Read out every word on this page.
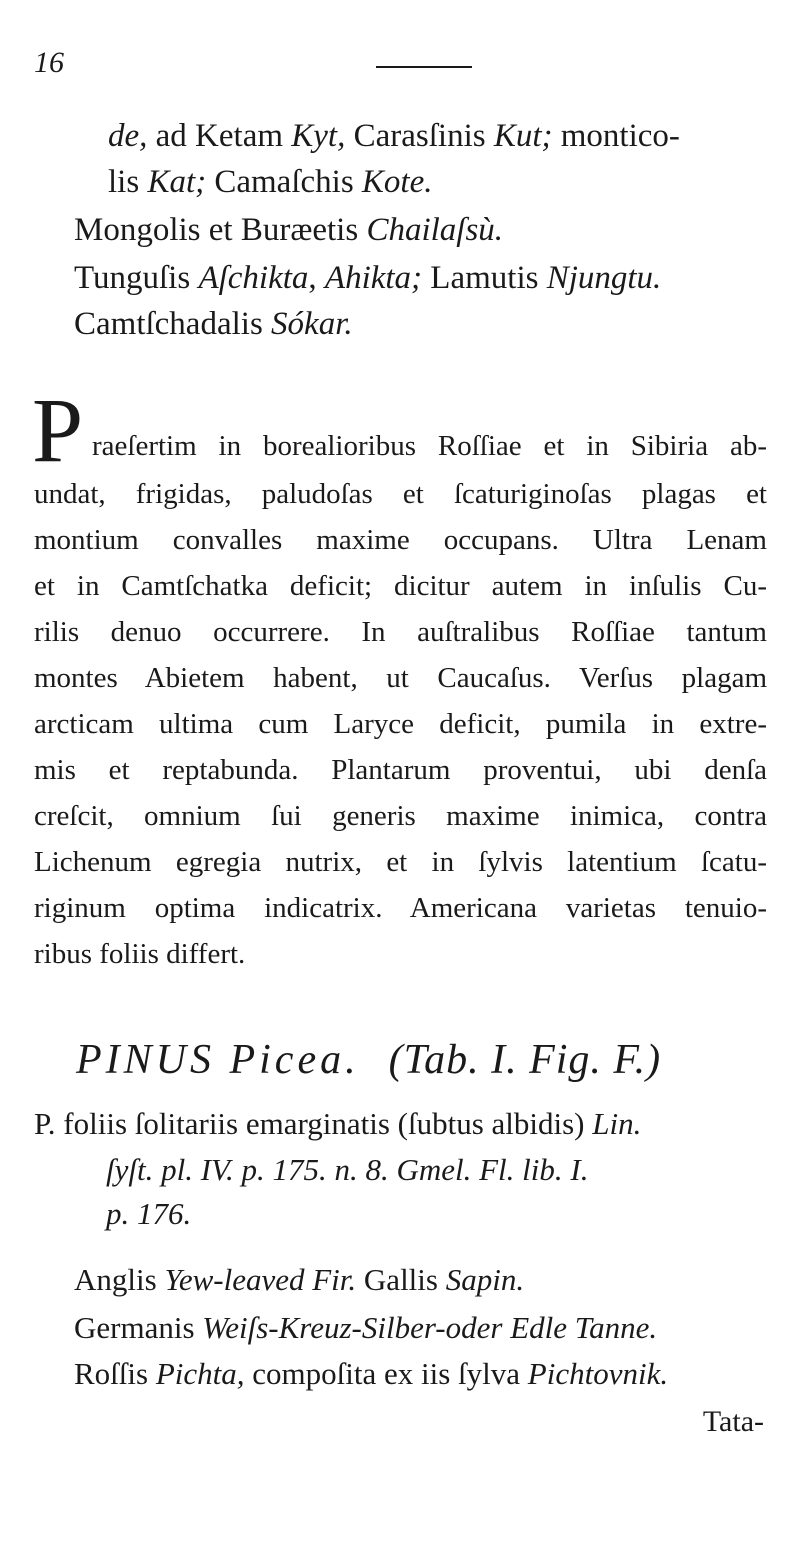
16
de, ad Ketam Kyt, Carasſinis Kut; montico-
lis Kat; Camaſchis Kote.
Mongolis et Buræetis Chailaſsù.
Tunguſis Aſchikta, Ahikta; Lamutis Njungtu.
Camtſchadalis Sókar.
P raeſertim in borealioribus Roſſiae et in Sibiria ab-
undat, frigidas, paludoſas et ſcaturiginoſas plagas et
montium convalles maxime occupans. Ultra Lenam
et in Camtſchatka deficit; dicitur autem in inſulis Cu-
rilis denuo occurrere. In auſtralibus Roſſiae tantum
montes Abietem habent, ut Caucaſus. Verſus plagam
arcticam ultima cum Laryce deficit, pumila in extre-
mis et reptabunda. Plantarum proventui, ubi denſa
creſcit, omnium ſui generis maxime inimica, contra
Lichenum egregia nutrix, et in ſylvis latentium ſcatu-
riginum optima indicatrix. Americana varietas tenuio-
ribus foliis differt.
PINUS Picea. (Tab. I. Fig. F.)
P. foliis ſolitariis emarginatis (ſubtus albidis) Lin.
ſyſt. pl. IV. p. 175. n. 8. Gmel. Fl. lib. I.
p. 176.
Anglis Yew-leaved Fir. Gallis Sapin.
Germanis Weiſs-Kreuz-Silber-oder Edle Tanne.
Roſſis Pichta, compoſita ex iis ſylva Pichtovnik.
Tata-
